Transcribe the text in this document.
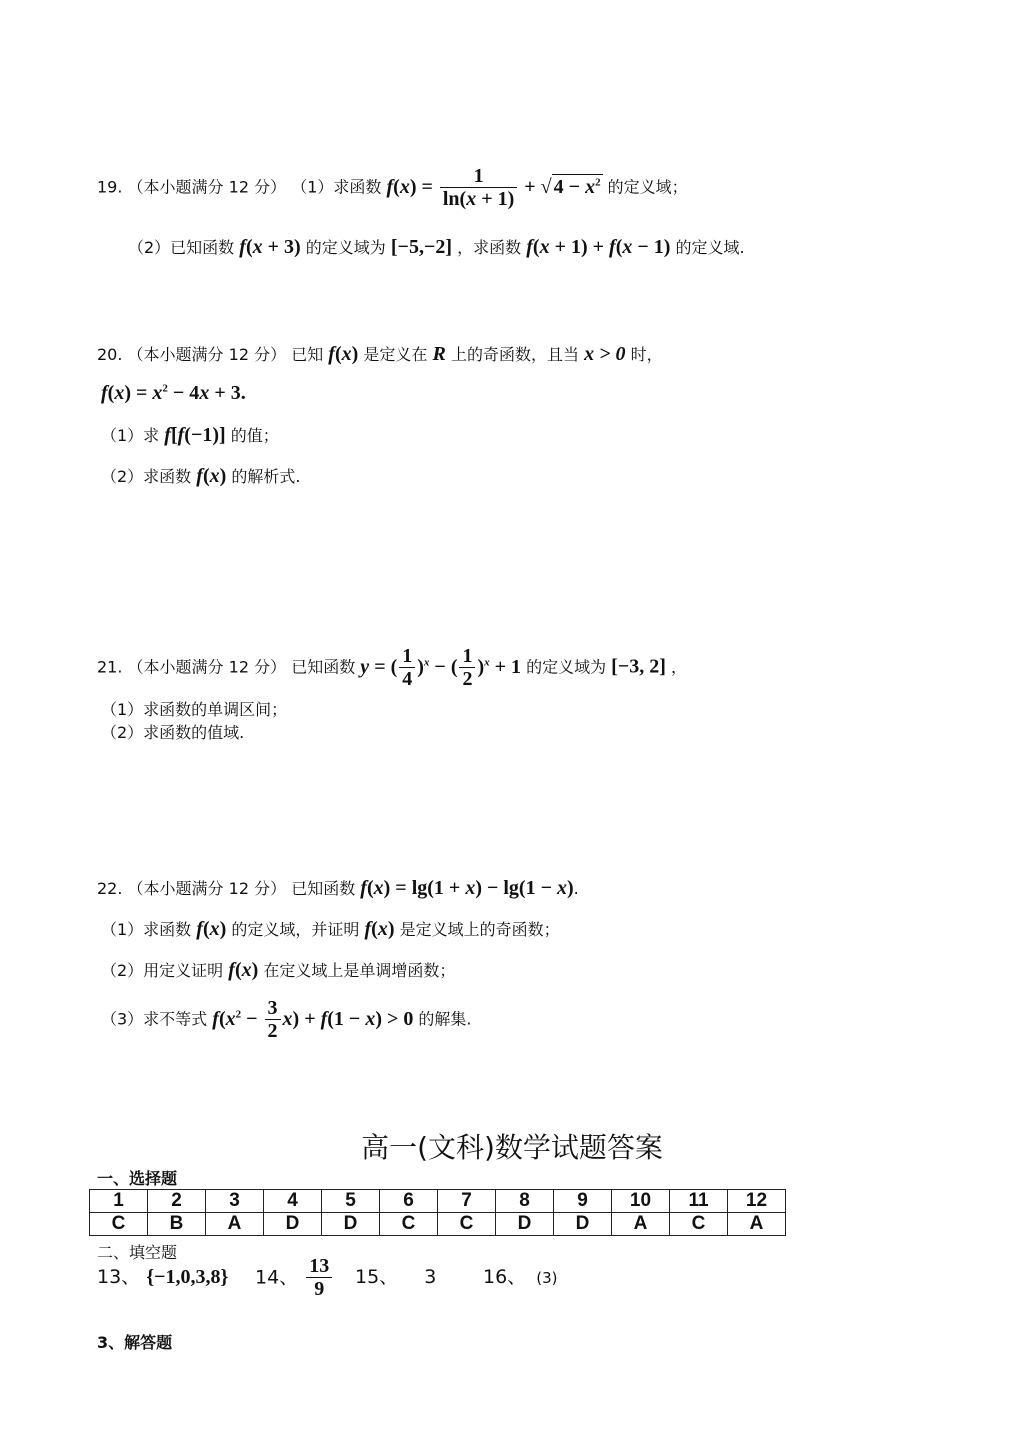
19. （本小题满分 12 分） （1）求函数 $f(x) = \frac{1}{\ln(x + 1)}$ + √ $4 - x^2$ 的定义域；
（2）已知函数 f(x + 3) 的定义域为 [−5,−2] ，求函数 f(x + 1) + f(x − 1) 的定义域.
20. （本小题满分 12 分） 已知 f(x) 是定义在 R 上的奇函数，且当 x > 0 时，
$f(x) = x^2 - 4x + 3$.
（1）求 f[f(−1)] 的值；
（2）求函数 f(x) 的解析式.
21. （本小题满分 12 分） 已知函数 y = ( $\frac{1}{4} )^x$ − ( $\frac{1}{2} )^x + 1$ 的定义域为 [−3, 2] ，
（1）求函数的单调区间；
（2）求函数的值域.
22. （本小题满分 12 分） 已知函数 f(x) = lg(1 + x) − lg(1 − x).
（1）求函数 f(x) 的定义域，并证明 f(x) 是定义域上的奇函数；
（2）用定义证明 f(x) 在定义域上是单调增函数；
（3）求不等式 $f(x^2 - \frac{3}{2} x) + f(1 - x) > 0$ 的解集.
高一(文科)数学试题答案
一、选择题
1	2	3	4	5	6	7	8	9	10	11	12
C	B	A	D	D	C	C	D	D	A	C	A
二、填空题
13、 {−1,0,3,8} 14、 $\frac{13}{9} 15$、 3 16、 (3)
3、解答题
